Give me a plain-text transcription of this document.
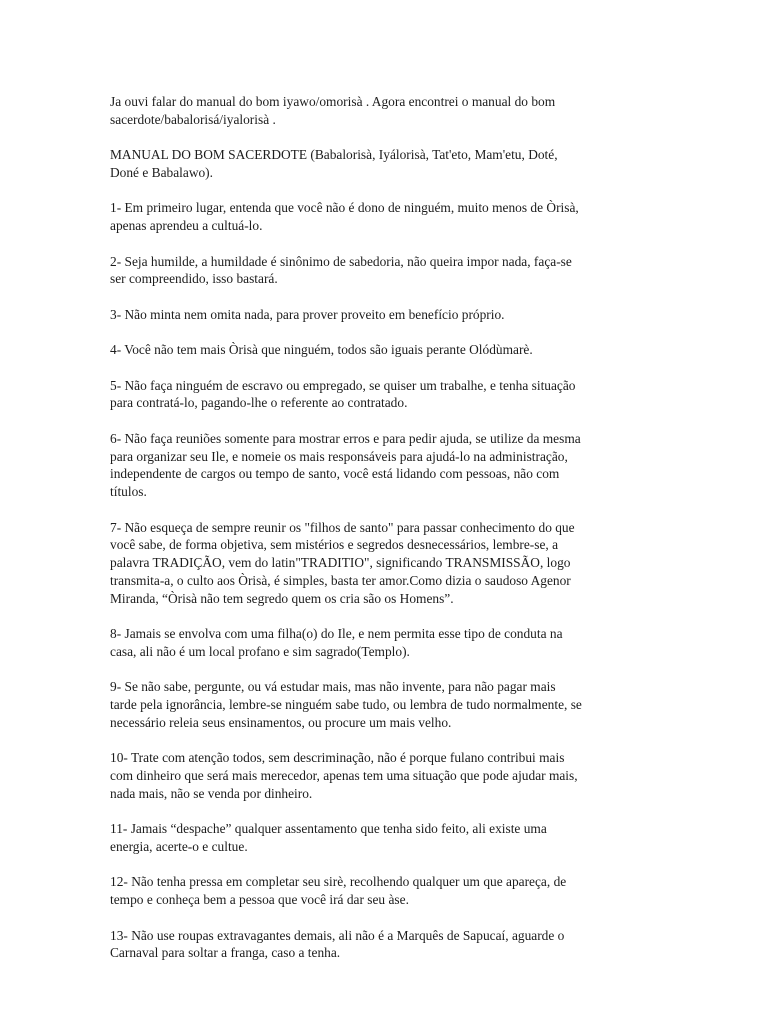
Ja ouvi falar do manual do bom iyawo/omorisà . Agora encontrei o manual do bom
sacerdote/babalorisá/iyalorisà .

MANUAL DO BOM SACERDOTE (Babalorisà, Iyálorisà, Tat'eto, Mam'etu, Doté,
Doné e Babalawo).

1- Em primeiro lugar, entenda que você não é dono de ninguém, muito menos de Òrisà,
apenas aprendeu a cultuá-lo.

2- Seja humilde, a humildade é sinônimo de sabedoria, não queira impor nada, faça-se
ser compreendido, isso bastará.

3- Não minta nem omita nada, para prover proveito em benefício próprio.

4- Você não tem mais Òrisà que ninguém, todos são iguais perante Olódùmarè.

5- Não faça ninguém de escravo ou empregado, se quiser um trabalhe, e tenha situação
para contratá-lo, pagando-lhe o referente ao contratado.

6- Não faça reuniões somente para mostrar erros e para pedir ajuda, se utilize da mesma
para organizar seu Ile, e nomeie os mais responsáveis para ajudá-lo na administração,
independente de cargos ou tempo de santo, você está lidando com pessoas, não com
títulos.

7- Não esqueça de sempre reunir os "filhos de santo" para passar conhecimento do que
você sabe, de forma objetiva, sem mistérios e segredos desnecessários, lembre-se, a
palavra TRADIÇÃO, vem do latin"TRADITIO", significando TRANSMISSÃO, logo
transmita-a, o culto aos Òrisà, é simples, basta ter amor.Como dizia o saudoso Agenor
Miranda, “Òrisà não tem segredo quem os cria são os Homens”.

8- Jamais se envolva com uma filha(o) do Ile, e nem permita esse tipo de conduta na
casa, ali não é um local profano e sim sagrado(Templo).

9- Se não sabe, pergunte, ou vá estudar mais, mas não invente, para não pagar mais
tarde pela ignorância, lembre-se ninguém sabe tudo, ou lembra de tudo normalmente, se
necessário releia seus ensinamentos, ou procure um mais velho.

10- Trate com atenção todos, sem descriminação, não é porque fulano contribui mais
com dinheiro que será mais merecedor, apenas tem uma situação que pode ajudar mais,
nada mais, não se venda por dinheiro.

11- Jamais “despache” qualquer assentamento que tenha sido feito, ali existe uma
energia, acerte-o e cultue.

12- Não tenha pressa em completar seu sirè, recolhendo qualquer um que apareça, de
tempo e conheça bem a pessoa que você irá dar seu àse.

13- Não use roupas extravagantes demais, ali não é a Marquês de Sapucaí, aguarde o
Carnaval para soltar a franga, caso a tenha.
